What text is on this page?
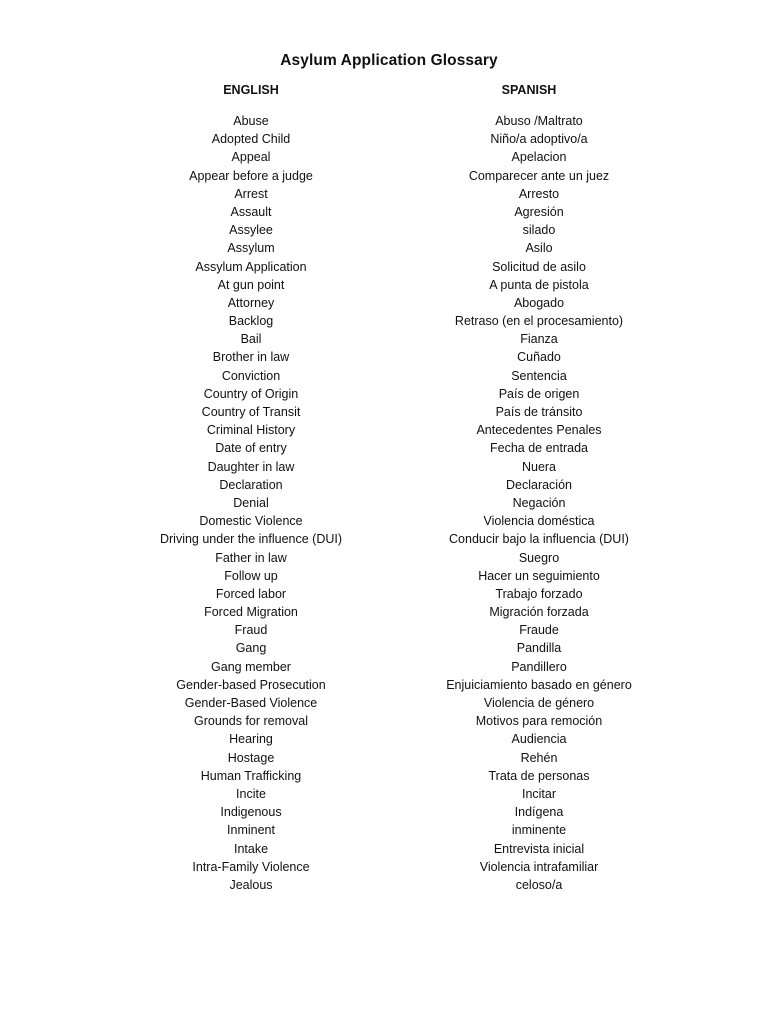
Asylum Application Glossary
ENGLISH	SPANISH
Abuse	Abuso /Maltrato
Adopted Child	Niño/a adoptivo/a
Appeal	Apelacion
Appear before a judge	Comparecer ante un juez
Arrest	Arresto
Assault	Agresión
Assylee	silado
Assylum	Asilo
Assylum Application	Solicitud de asilo
At gun point	A punta de pistola
Attorney	Abogado
Backlog	Retraso (en el procesamiento)
Bail	Fianza
Brother in law	Cuñado
Conviction	Sentencia
Country of Origin	País de origen
Country of Transit	País de tránsito
Criminal History	Antecedentes Penales
Date of entry	Fecha de entrada
Daughter in law	Nuera
Declaration	Declaración
Denial	Negación
Domestic Violence	Violencia doméstica
Driving under the influence (DUI)	Conducir bajo la influencia (DUI)
Father in law	Suegro
Follow up	Hacer un seguimiento
Forced labor	Trabajo forzado
Forced Migration	Migración forzada
Fraud	Fraude
Gang	Pandilla
Gang member	Pandillero
Gender-based Prosecution	Enjuiciamiento basado en género
Gender-Based Violence	Violencia de género
Grounds for removal	Motivos para remoción
Hearing	Audiencia
Hostage	Rehén
Human Trafficking	Trata de personas
Incite	Incitar
Indigenous	Indígena
Inminent	inminente
Intake	Entrevista inicial
Intra-Family Violence	Violencia intrafamiliar
Jealous	celoso/a
